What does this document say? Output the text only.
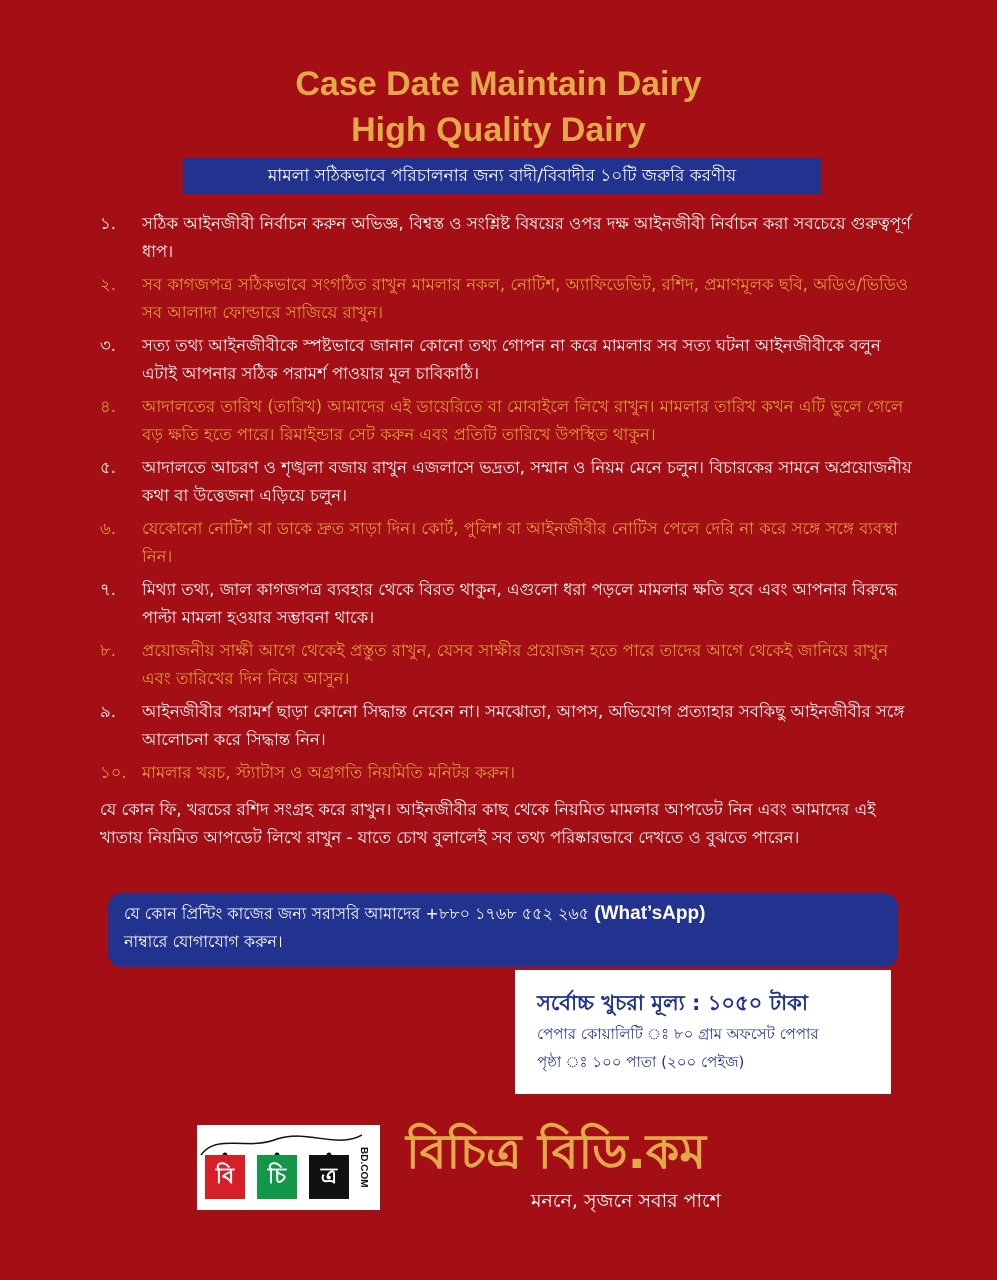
Case Date Maintain Dairy
High Quality Dairy
মামলা সঠিকভাবে পরিচালনার জন্য বাদী/বিবাদীর ১০টি জরুরি করণীয়
১.	সঠিক আইনজীবী নির্বাচন করুন অভিজ্ঞ, বিশ্বস্ত ও সংশ্লিষ্ট বিষয়ের ওপর দক্ষ আইনজীবী নির্বাচন করা সবচেয়ে গুরুত্বপূর্ণ ধাপ।
২.	সব কাগজপত্র সঠিকভাবে সংগঠিত রাখুন মামলার নকল, নোটিশ, অ্যাফিডেভিট, রশিদ, প্রমাণমূলক ছবি, অডিও/ভিডিও সব আলাদা ফোল্ডারে সাজিয়ে রাখুন।
৩.	সত্য তথ্য আইনজীবীকে স্পষ্টভাবে জানান কোনো তথ্য গোপন না করে মামলার সব সত্য ঘটনা আইনজীবীকে বলুন এটাই আপনার সঠিক পরামর্শ পাওয়ার মূল চাবিকাঠি।
৪.	আদালতের তারিখ (তারিখ) আমাদের এই ডায়েরিতে বা মোবাইলে লিখে রাখুন। মামলার তারিখ কখন এটি ভুলে গেলে বড় ক্ষতি হতে পারে। রিমাইন্ডার সেট করুন এবং প্রতিটি তারিখে উপস্থিত থাকুন।
৫.	আদালতে আচরণ ও শৃঙ্খলা বজায় রাখুন এজলাসে ভদ্রতা, সম্মান ও নিয়ম মেনে চলুন। বিচারকের সামনে অপ্রয়োজনীয় কথা বা উত্তেজনা এড়িয়ে চলুন।
৬.	যেকোনো নোটিশ বা ডাকে দ্রুত সাড়া দিন। কোর্ট, পুলিশ বা আইনজীবীর নোটিস পেলে দেরি না করে সঙ্গে সঙ্গে ব্যবস্থা নিন।
৭.	মিথ্যা তথ্য, জাল কাগজপত্র ব্যবহার থেকে বিরত থাকুন, এগুলো ধরা পড়লে মামলার ক্ষতি হবে এবং আপনার বিরুদ্ধে পাল্টা মামলা হওয়ার সম্ভাবনা থাকে।
৮.	প্রয়োজনীয় সাক্ষী আগে থেকেই প্রস্তুত রাখুন, যেসব সাক্ষীর প্রয়োজন হতে পারে তাদের আগে থেকেই জানিয়ে রাখুন এবং তারিখের দিন নিয়ে আসুন।
৯.	আইনজীবীর পরামর্শ ছাড়া কোনো সিদ্ধান্ত নেবেন না। সমঝোতা, আপস, অভিযোগ প্রত্যাহার সবকিছু আইনজীবীর সঙ্গে আলোচনা করে সিদ্ধান্ত নিন।
১০. মামলার খরচ, স্ট্যাটাস ও অগ্রগতি নিয়মিতি মনিটর করুন।
যে কোন ফি, খরচের রশিদ সংগ্রহ করে রাখুন। আইনজীবীর কাছ থেকে নিয়মিত মামলার আপডেট নিন এবং আমাদের এই খাতায় নিয়মিত আপডেট লিখে রাখুন - যাতে চোখ বুলালেই সব তথ্য পরিষ্কারভাবে দেখতে ও বুঝতে পারেন।
যে কোন প্রিন্টিং কাজের জন্য সরাসরি আমাদের +৮৮০ ১৭৬৮ ৫৫২ ২৬৫ (What’sApp)
নাম্বারে যোগাযোগ করুন।
সর্বোচ্চ খুচরা মূল্য : ১০৫০ টাকা
পেপার কোয়ালিটি ঃ ৮০ গ্রাম অফসেট পেপার
পৃষ্ঠা ঃ ১০০ পাতা (২০০ পেইজ)
বি	চি	ত্র	BD.COM বিচিত্র বিডি.কম
মননে, সৃজনে সবার পাশে
